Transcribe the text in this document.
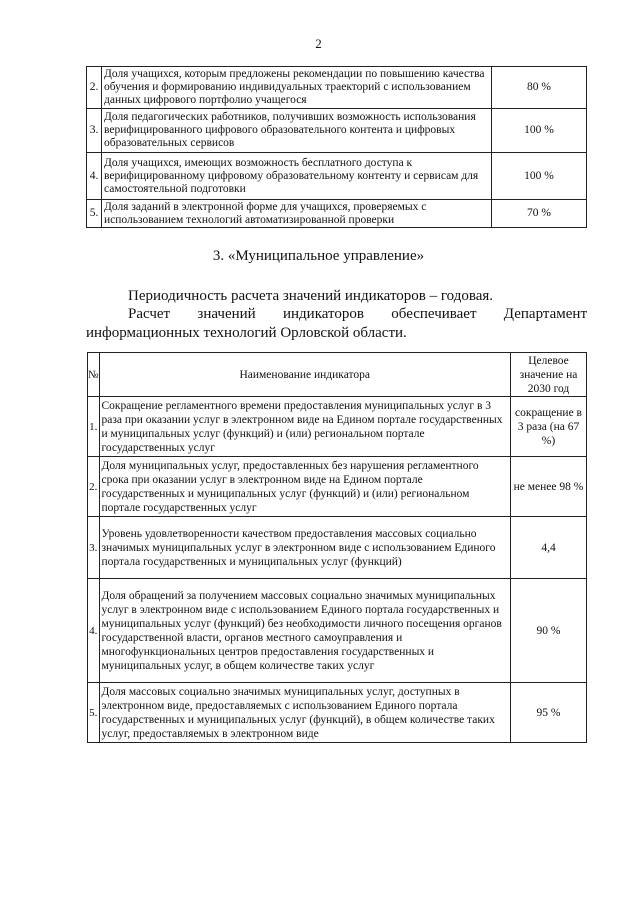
2
2.	Доля учащихся, которым предложены рекомендации по повышению качества обучения и формированию индивидуальных траекторий с использованием данных цифрового портфолио учащегося	80 %
3.	Доля педагогических работников, получивших возможность использования верифицированного цифрового образовательного контента и цифровых образовательных сервисов	100 %
4.	Доля учащихся, имеющих возможность бесплатного доступа к верифицированному цифровому образовательному контенту и сервисам для самостоятельной подготовки	100 %
5.	Доля заданий в электронной форме для учащихся, проверяемых с использованием технологий автоматизированной проверки	70 %
3. «Муниципальное управление»
Периодичность расчета значений индикаторов – годовая.
Расчет значений индикаторов обеспечивает Департамент
информационных технологий Орловской области.
№	Наименование индикатора	Целевое значение на 2030 год
1.	Сокращение регламентного времени предоставления муниципальных услуг в 3 раза при оказании услуг в электронном виде на Едином портале государственных и муниципальных услуг (функций) и (или) региональном портале государственных услуг	сокращение в 3 раза (на 67 %)
2.	Доля муниципальных услуг, предоставленных без нарушения регламентного срока при оказании услуг в электронном виде на Едином портале государственных и муниципальных услуг (функций) и (или) региональном портале государственных услуг	не менее 98 %
3.	Уровень удовлетворенности качеством предоставления массовых социально значимых муниципальных услуг в электронном виде с использованием Единого портала государственных и муниципальных услуг (функций)	4,4
4.	Доля обращений за получением массовых социально значимых муниципальных услуг в электронном виде с использованием Единого портала государственных и муниципальных услуг (функций) без необходимости личного посещения органов государственной власти, органов местного самоуправления и многофункциональных центров предоставления государственных и муниципальных услуг, в общем количестве таких услуг	90 %
5.	Доля массовых социально значимых муниципальных услуг, доступных в электронном виде, предоставляемых с использованием Единого портала государственных и муниципальных услуг (функций), в общем количестве таких услуг, предоставляемых в электронном виде	95 %
